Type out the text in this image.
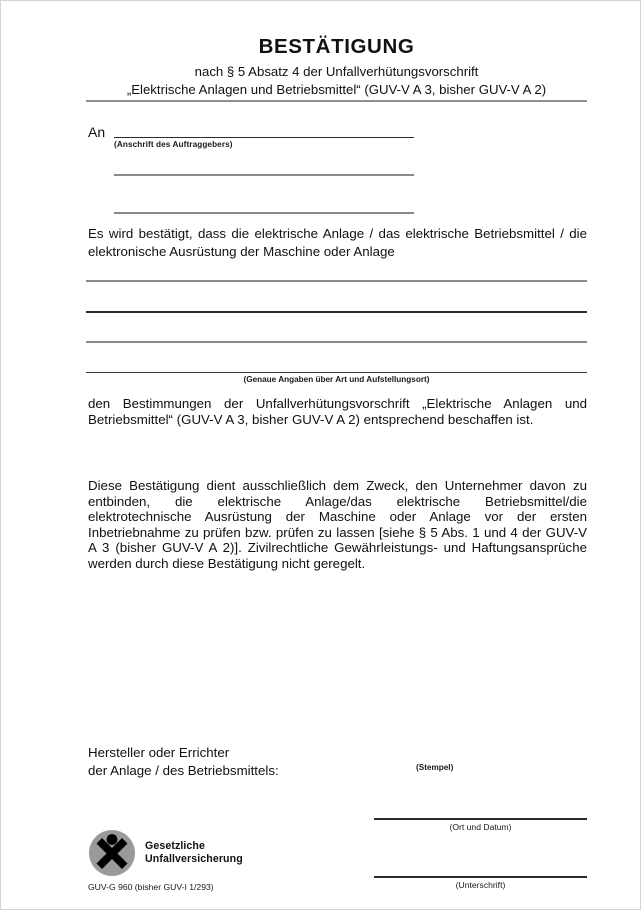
BESTÄTIGUNG
nach § 5 Absatz 4 der Unfallverhütungsvorschrift
„Elektrische Anlagen und Betriebsmittel“ (GUV-V A 3, bisher GUV-V A 2)
An
(Anschrift des Auftraggebers)
Es wird bestätigt, dass die elektrische Anlage / das elektrische Betriebsmittel / die elektronische Ausrüstung der Maschine oder Anlage
(Genaue Angaben über Art und Aufstellungsort)
den Bestimmungen der Unfallverhütungsvorschrift „Elektrische Anlagen und Betriebsmittel“ (GUV-V A 3, bisher GUV-V A 2) entsprechend beschaffen ist.
Diese Bestätigung dient ausschließlich dem Zweck, den Unternehmer davon zu entbinden, die elektrische Anlage/das elektrische Betriebsmittel/die elektrotechnische Ausrüstung der Maschine oder Anlage vor der ersten Inbetriebnahme zu prüfen bzw. prüfen zu lassen [siehe § 5 Abs. 1 und 4 der GUV-V A 3 (bisher GUV-V A 2)]. Zivilrechtliche Gewährleistungs- und Haftungsansprüche werden durch diese Bestätigung nicht geregelt.
Hersteller oder Errichter
der Anlage / des Betriebsmittels:	(Stempel)
(Ort und Datum)
(Unterschrift)
Gesetzliche
Unfallversicherung
GUV-G 960 (bisher GUV-I 1/293)
